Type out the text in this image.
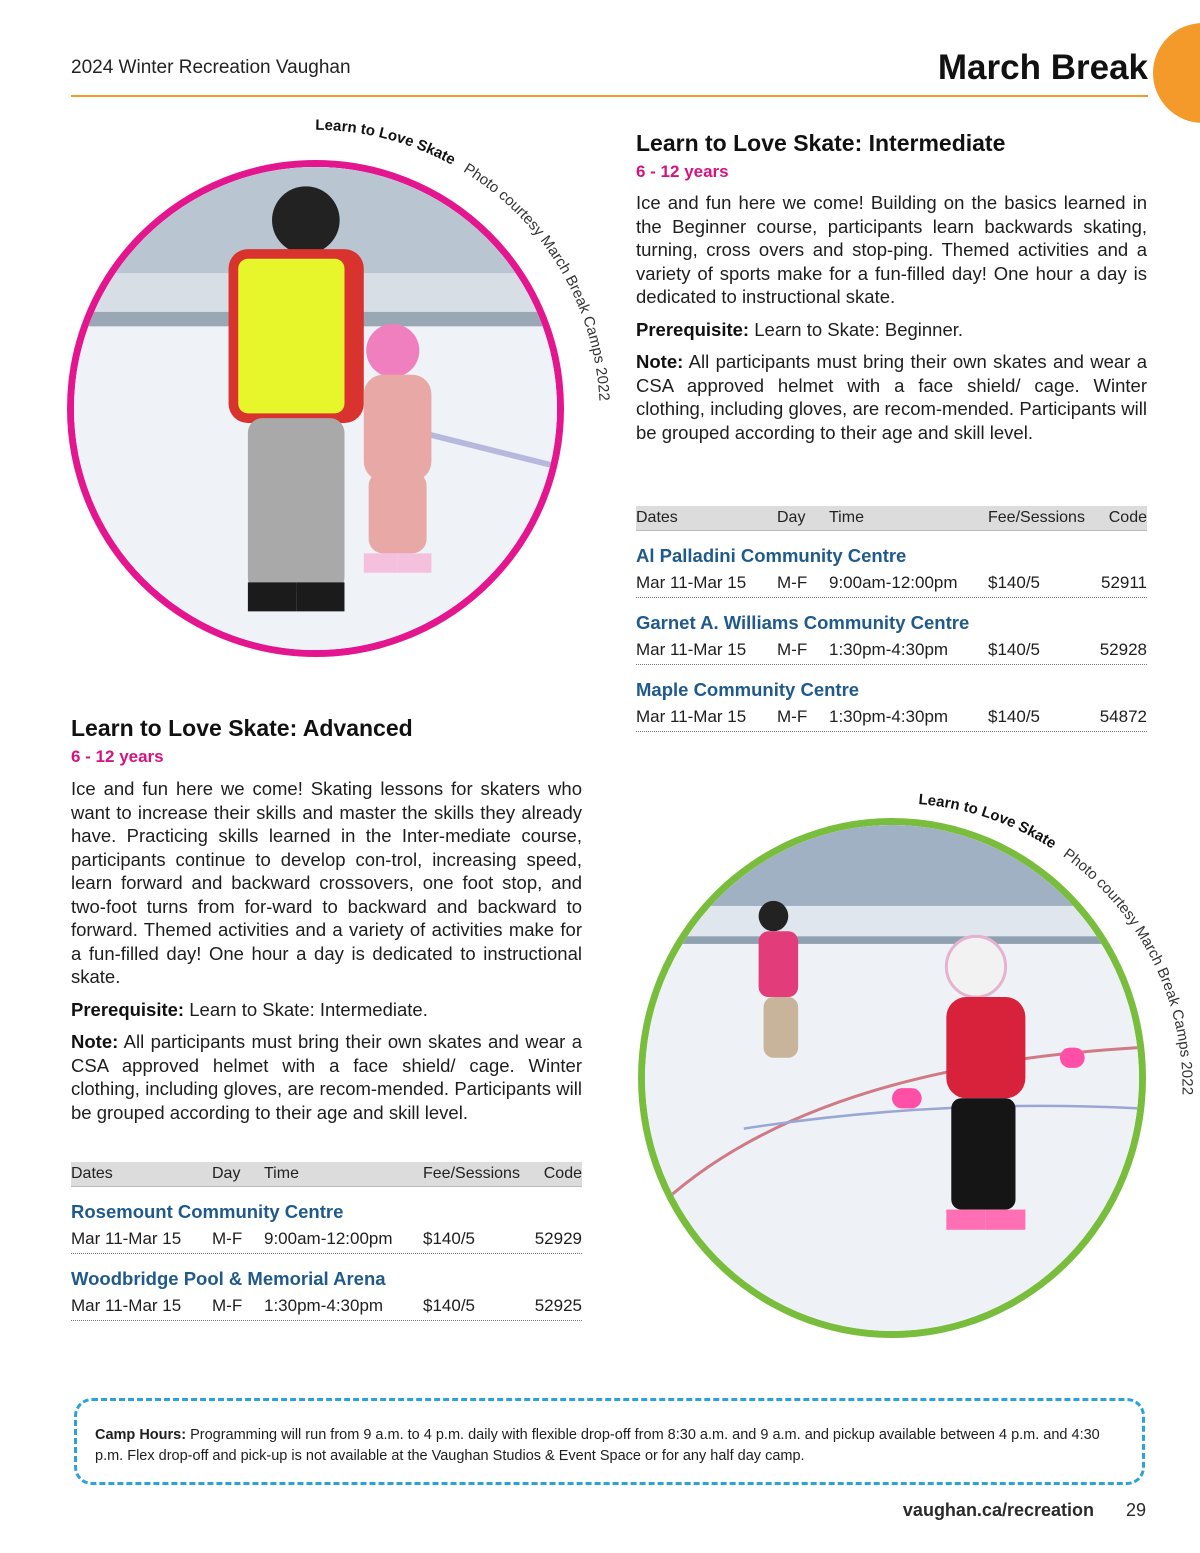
2024 Winter Recreation Vaughan	March Break
Learn to Love Skate Photo courtesy March Break Camps 2022
Learn to Love Skate: Intermediate
6 - 12 years

Ice and fun here we come! Building on the basics learned in the Beginner course, participants learn backwards skating, turning, cross overs and stop-ping. Themed activities and a variety of sports make for a fun-filled day! One hour a day is dedicated to instructional skate.

Prerequisite: Learn to Skate: Beginner.

Note: All participants must bring their own skates and wear a CSA approved helmet with a face shield/ cage. Winter clothing, including gloves, are recom-mended. Participants will be grouped according to their age and skill level.

Dates	Day Time	Fee/Sessions Code
Al Palladini Community Centre
Mar 11-Mar 15 M-F 9:00am-12:00pm $140/5	52911
Garnet A. Williams Community Centre
Mar 11-Mar 15 M-F 1:30pm-4:30pm $140/5	52928
Maple Community Centre
Mar 11-Mar 15 M-F 1:30pm-4:30pm $140/5	54872
Learn to Love Skate: Advanced
6 - 12 years

Ice and fun here we come! Skating lessons for skaters who want to increase their skills and master the skills they already have. Practicing skills learned in the Inter-mediate course, participants continue to develop con-trol, increasing speed, learn forward and backward crossovers, one foot stop, and two-foot turns from for-ward to backward and backward to forward. Themed activities and a variety of activities make for a fun-filled day! One hour a day is dedicated to instructional skate.

Prerequisite: Learn to Skate: Intermediate.

Note: All participants must bring their own skates and wear a CSA approved helmet with a face shield/ cage. Winter clothing, including gloves, are recom-mended. Participants will be grouped according to their age and skill level.

Dates	Day Time	Fee/Sessions Code
Rosemount Community Centre
Mar 11-Mar 15 M-F 9:00am-12:00pm $140/5	52929
Woodbridge Pool & Memorial Arena
Mar 11-Mar 15 M-F 1:30pm-4:30pm $140/5	52925
Learn to Love Skate Photo courtesy March Break Camps 2022
Camp Hours: Programming will run from 9 a.m. to 4 p.m. daily with flexible drop-off from 8:30 a.m. and 9 a.m. and pickup available between 4 p.m. and 4:30 p.m. Flex drop-off and pick-up is not available at the Vaughan Studios & Event Space or for any half day camp.
vaughan.ca/recreation 29
